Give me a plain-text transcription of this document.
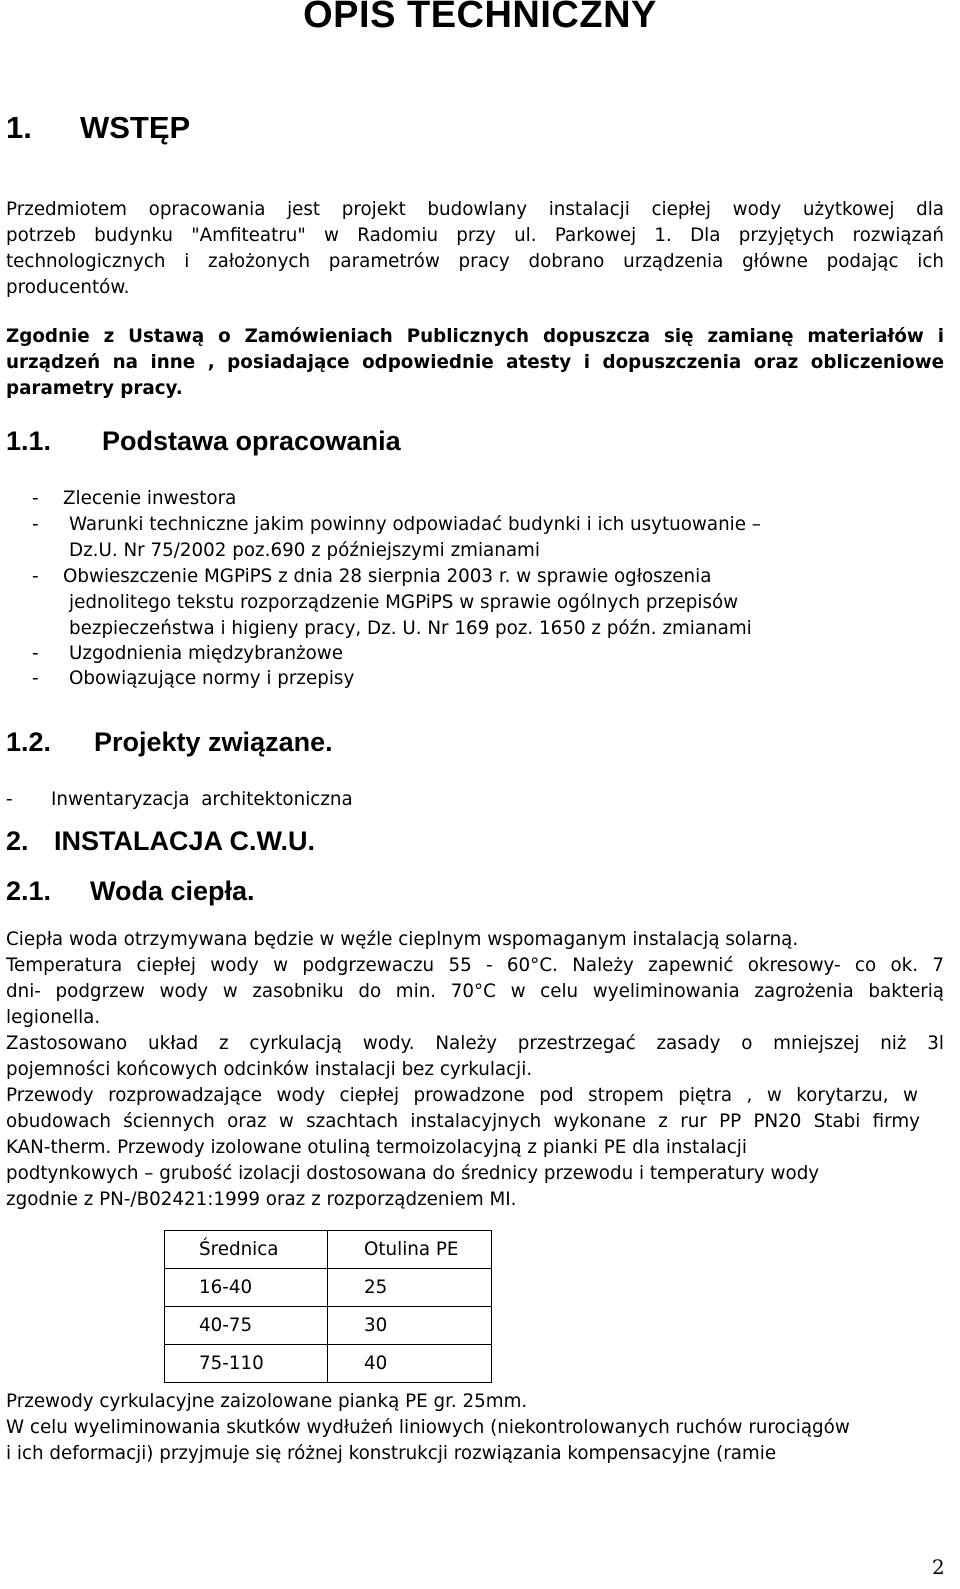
OPIS TECHNICZNY
1. WSTĘP
Przedmiotem opracowania jest projekt budowlany instalacji ciepłej wody użytkowej dla
potrzeb budynku "Amfiteatru" w Radomiu przy ul. Parkowej 1. Dla przyjętych rozwiązań
technologicznych i założonych parametrów pracy dobrano urządzenia główne podając ich
producentów.
Zgodnie z Ustawą o Zamówieniach Publicznych dopuszcza się zamianę materiałów i
urządzeń na inne , posiadające odpowiednie atesty i dopuszczenia oraz obliczeniowe
parametry pracy.
1.1. Podstawa opracowania
- Zlecenie inwestora
- Warunki techniczne jakim powinny odpowiadać budynki i ich usytuowanie –
Dz.U. Nr 75/2002 poz.690 z późniejszymi zmianami
- Obwieszczenie MGPiPS z dnia 28 sierpnia 2003 r. w sprawie ogłoszenia
jednolitego tekstu rozporządzenie MGPiPS w sprawie ogólnych przepisów
bezpieczeństwa i higieny pracy, Dz. U. Nr 169 poz. 1650 z późn. zmianami
- Uzgodnienia międzybranżowe
- Obowiązujące normy i przepisy
1.2. Projekty związane.
- Inwentaryzacja  architektoniczna
2. INSTALACJA C.W.U.
2.1. Woda ciepła.
Ciepła woda otrzymywana będzie w węźle cieplnym wspomaganym instalacją solarną.
Temperatura ciepłej wody w podgrzewaczu 55 - 60°C. Należy zapewnić okresowy- co ok. 7
dni- podgrzew wody w zasobniku do min. 70°C w celu wyeliminowania zagrożenia bakterią
legionella.
Zastosowano układ z cyrkulacją wody. Należy przestrzegać zasady o mniejszej niż 3l
pojemności końcowych odcinków instalacji bez cyrkulacji.
Przewody rozprowadzające wody ciepłej prowadzone pod stropem piętra , w korytarzu, w
obudowach ściennych oraz w szachtach instalacyjnych wykonane z rur PP PN20 Stabi firmy
KAN-therm. Przewody izolowane otuliną termoizolacyjną z pianki PE dla instalacji
podtynkowych – grubość izolacji dostosowana do średnicy przewodu i temperatury wody
zgodnie z PN-/B02421:1999 oraz z rozporządzeniem MI.
Średnica	Otulina PE
16-40	25
40-75	30
75-110	40
Przewody cyrkulacyjne zaizolowane pianką PE gr. 25mm.
W celu wyeliminowania skutków wydłużeń liniowych (niekontrolowanych ruchów rurociągów
i ich deformacji) przyjmuje się różnej konstrukcji rozwiązania kompensacyjne (ramie
2
